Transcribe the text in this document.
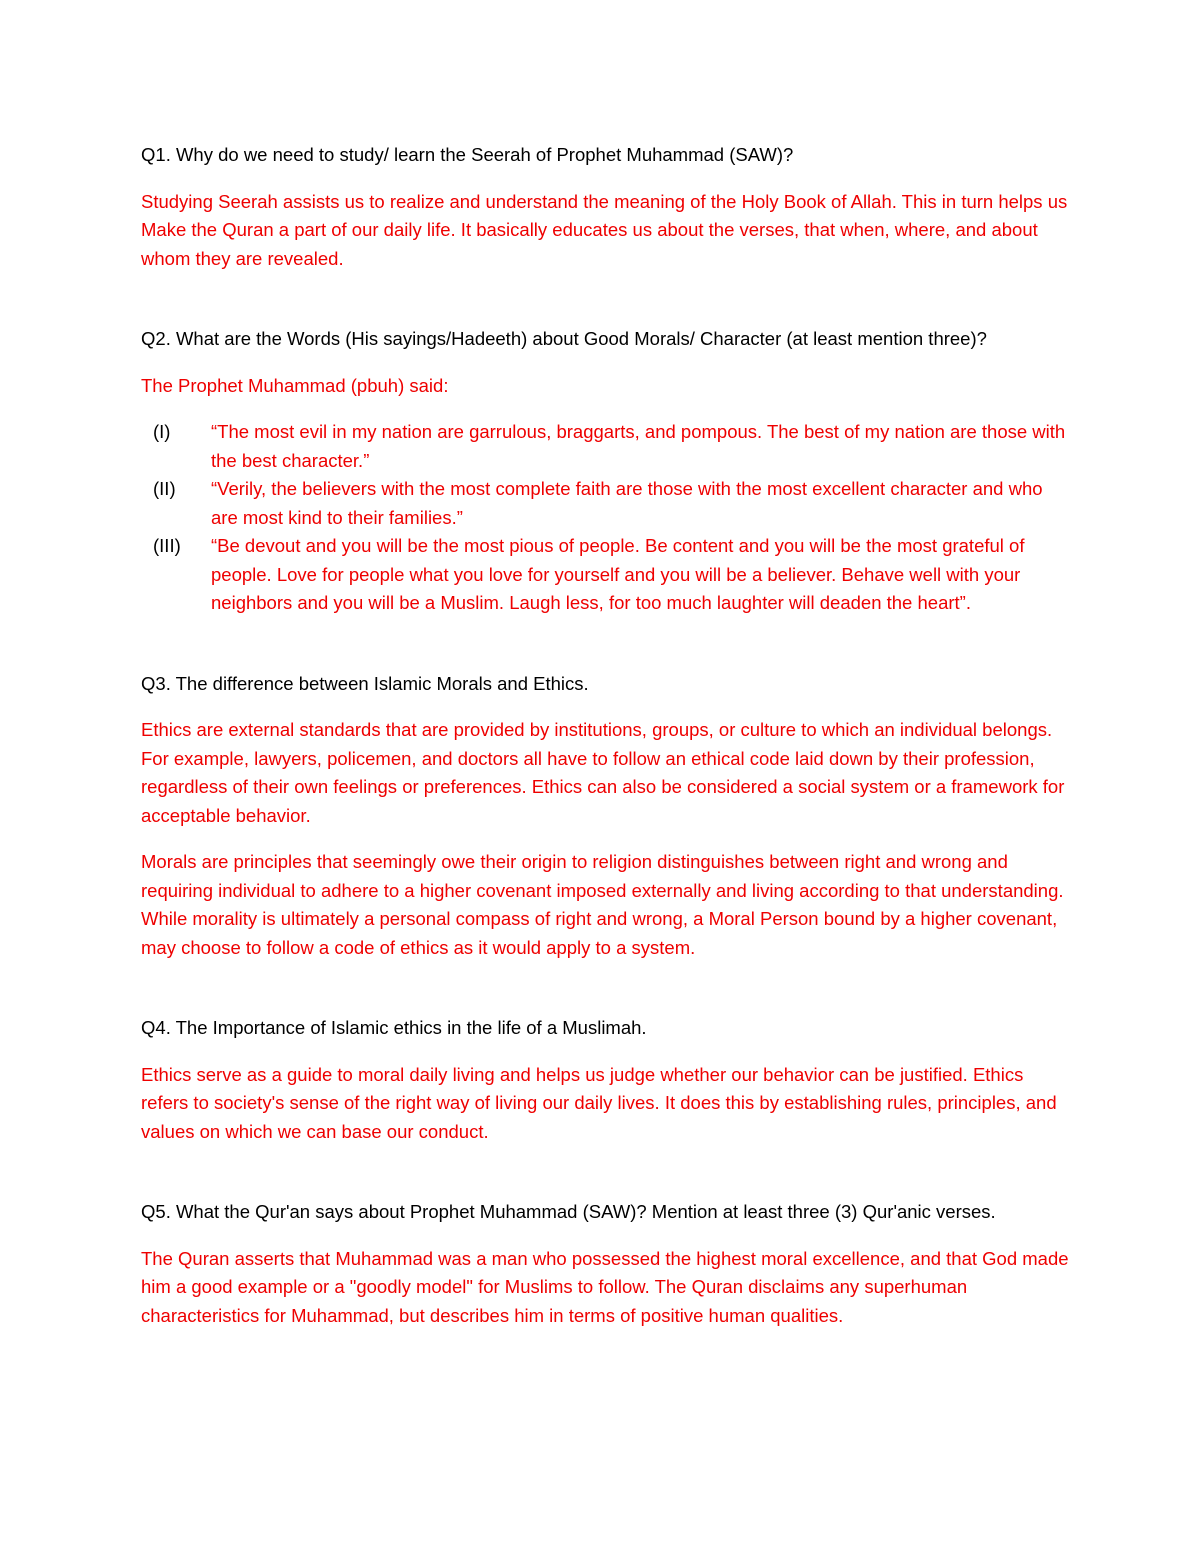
Q1. Why do we need to study/ learn the Seerah of Prophet Muhammad (SAW)?

Studying Seerah assists us to realize and understand the meaning of the Holy Book of Allah. This in turn helps us Make the Quran a part of our daily life. It basically educates us about the verses, that when, where, and about whom they are revealed.

Q2. What are the Words (His sayings/Hadeeth) about Good Morals/ Character (at least mention three)?

The Prophet Muhammad (pbuh) said:

(I) “The most evil in my nation are garrulous, braggarts, and pompous. The best of my nation are those with the best character.”
(II) “Verily, the believers with the most complete faith are those with the most excellent character and who are most kind to their families.”
(III) “Be devout and you will be the most pious of people. Be content and you will be the most grateful of people. Love for people what you love for yourself and you will be a believer. Behave well with your neighbors and you will be a Muslim. Laugh less, for too much laughter will deaden the heart”.

Q3. The difference between Islamic Morals and Ethics.

Ethics are external standards that are provided by institutions, groups, or culture to which an individual belongs. For example, lawyers, policemen, and doctors all have to follow an ethical code laid down by their profession, regardless of their own feelings or preferences. Ethics can also be considered a social system or a framework for acceptable behavior.

Morals are principles that seemingly owe their origin to religion distinguishes between right and wrong and requiring individual to adhere to a higher covenant imposed externally and living according to that understanding. While morality is ultimately a personal compass of right and wrong, a Moral Person bound by a higher covenant, may choose to follow a code of ethics as it would apply to a system.

Q4. The Importance of Islamic ethics in the life of a Muslimah.

Ethics serve as a guide to moral daily living and helps us judge whether our behavior can be justified. Ethics refers to society's sense of the right way of living our daily lives. It does this by establishing rules, principles, and values on which we can base our conduct.

Q5. What the Qur'an says about Prophet Muhammad (SAW)? Mention at least three (3) Qur'anic verses.

The Quran asserts that Muhammad was a man who possessed the highest moral excellence, and that God made him a good example or a "goodly model" for Muslims to follow. The Quran disclaims any superhuman characteristics for Muhammad, but describes him in terms of positive human qualities.
